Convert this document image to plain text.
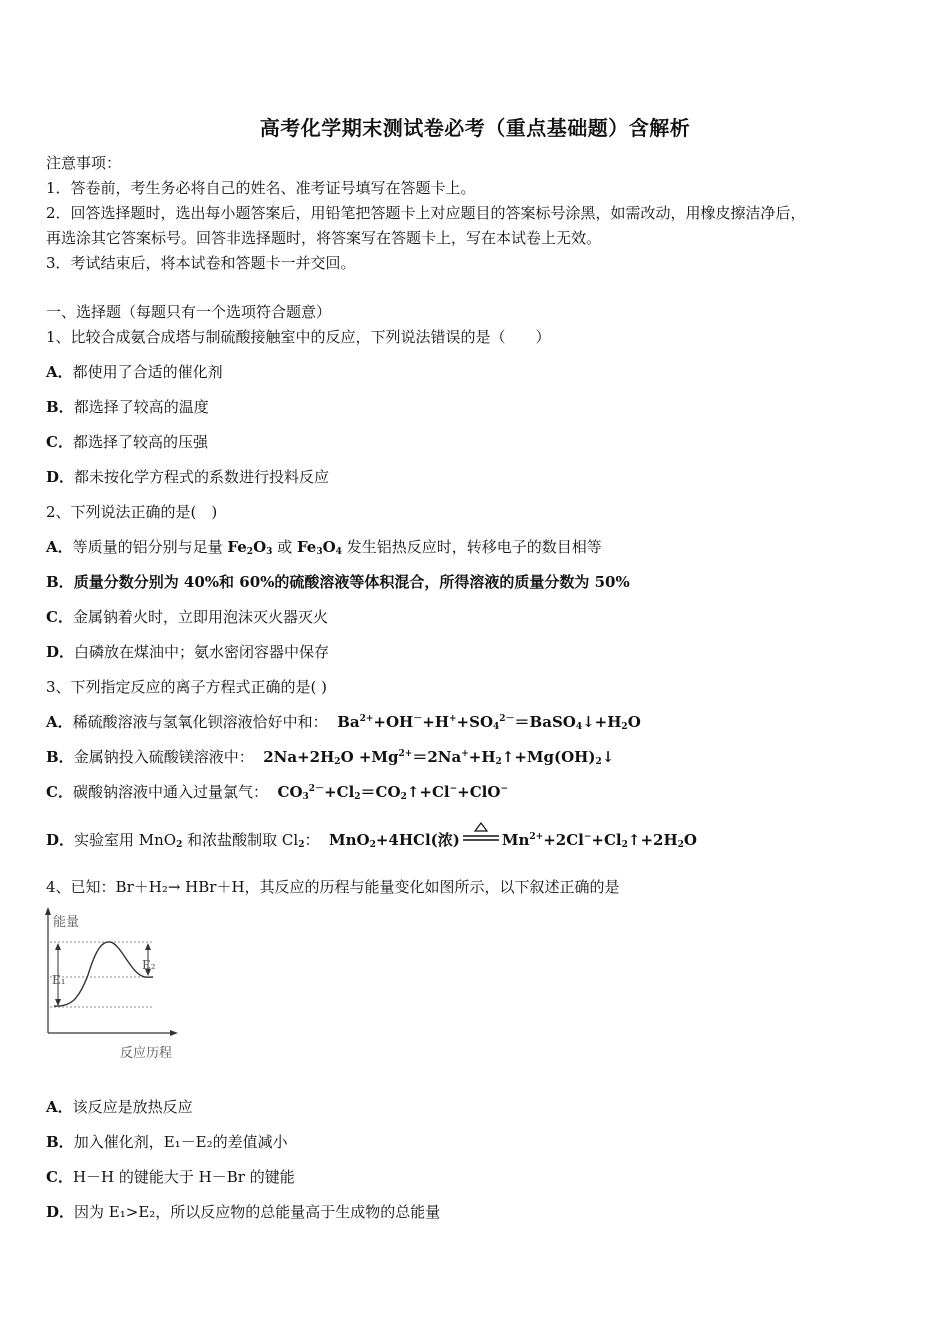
高考化学期末测试卷必考（重点基础题）含解析
注意事项：
1．答卷前，考生务必将自己的姓名、准考证号填写在答题卡上。
2．回答选择题时，选出每小题答案后，用铅笔把答题卡上对应题目的答案标号涂黑，如需改动，用橡皮擦洁净后，
再选涂其它答案标号。回答非选择题时，将答案写在答题卡上，写在本试卷上无效。
3．考试结束后，将本试卷和答题卡一并交回。
一、选择题（每题只有一个选项符合题意）
1、比较合成氨合成塔与制硫酸接触室中的反应，下列说法错误的是（　　）
A．都使用了合适的催化剂
B．都选择了较高的温度
C．都选择了较高的压强
D．都未按化学方程式的系数进行投料反应
2、下列说法正确的是(　)
A．等质量的铝分别与足量 $Fe_2O_3$ 或 $Fe_3O_4$ 发生铝热反应时，转移电子的数目相等
B．质量分数分别为 40%和 60%的硫酸溶液等体积混合，所得溶液的质量分数为 50%
C．金属钠着火时，立即用泡沫灭火器灭火
D．白磷放在煤油中；氨水密闭容器中保存
3、下列指定反应的离子方程式正确的是( )
A．稀硫酸溶液与氢氧化钡溶液恰好中和： $Ba^{2+}+OH^-+H^++SO_4^{2-}=BaSO_4↓+H_2O$
B．金属钠投入硫酸镁溶液中： $2Na+2H_2O$ $+Mg^{2+}=2Na^++H_2↑+Mg(OH)_2↓$
C．碳酸钠溶液中通入过量氯气： $CO_3^{2-}+Cl_2=CO_2↑+Cl^-+ClO^-$
D．实验室用 MnO$_2$ 和浓盐酸制取 $Cl_2$： MnO$_2$+4HCl(浓)	$Mn^{2+}+2Cl^-+Cl_2↑+2H_2O$
4、已知：Br＋H₂→ HBr＋H，其反应的历程与能量变化如图所示，以下叙述正确的是
能量
E₁
E₂
反应历程
A．该反应是放热反应
B．加入催化剂，E₁－E₂的差值减小
C．H－H 的键能大于 H－Br 的键能
D．因为 E₁>E₂，所以反应物的总能量高于生成物的总能量
